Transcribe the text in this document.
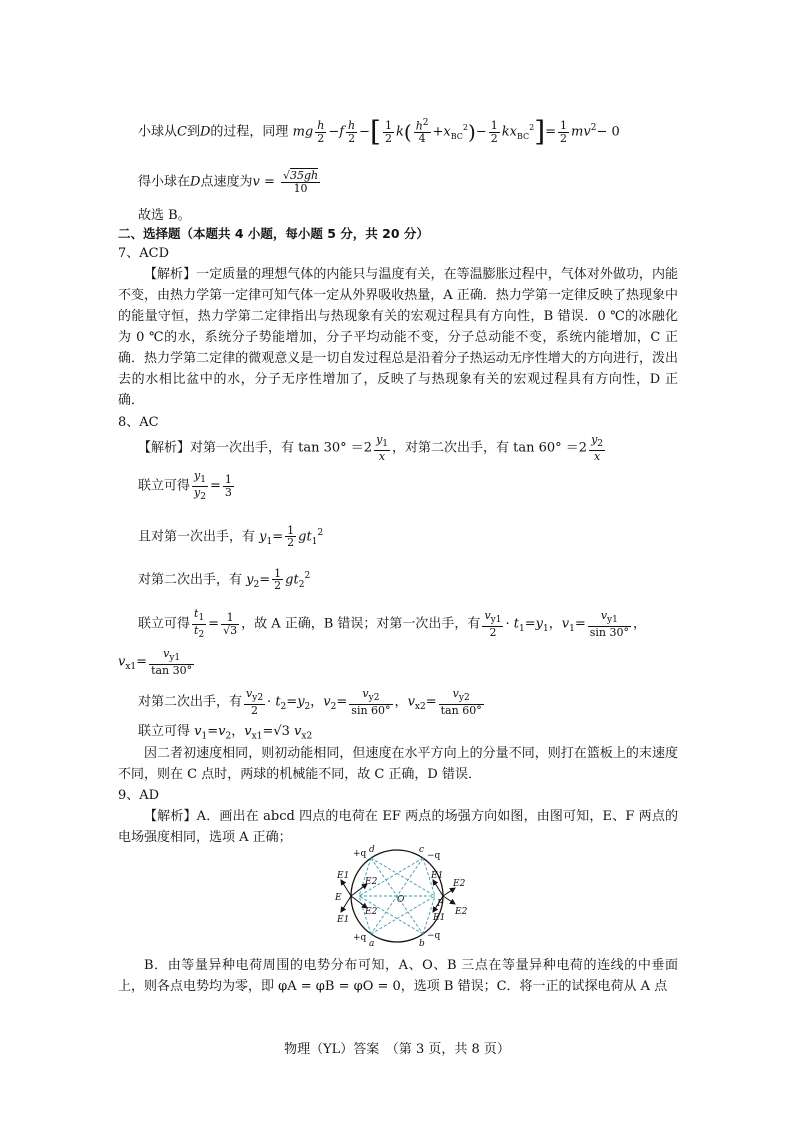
小球从C到D的过程，同理 mg $\frac{h}{2} -f \frac{h}{2}$ −[ $\frac{1}{2} k( \frac{h^2}{4} +x_{BC}^2)- \frac{1}{2} kx_{BC}^2]= \frac{1}{2} mv^2- 0$
得小球在D点速度为$v = \frac{√35gh}{10}$
故选 B。
二、选择题（本题共 4 小题，每小题 5 分，共 20 分）
7、ACD
【解析】一定质量的理想气体的内能只与温度有关，在等温膨胀过程中，气体对外做功，内能不变，由热力学第一定律可知气体一定从外界吸收热量，A 正确．热力学第一定律反映了热现象中的能量守恒，热力学第二定律指出与热现象有关的宏观过程具有方向性，B 错误．0 ℃的冰融化为 0 ℃的水，系统分子势能增加，分子平均动能不变，分子总动能不变，系统内能增加，C 正确．热力学第二定律的微观意义是一切自发过程总是沿着分子热运动无序性增大的方向进行，泼出去的水相比盆中的水，分子无序性增加了，反映了与热现象有关的宏观过程具有方向性，D 正确．
8、AC
【解析】对第一次出手，有 $\tan 30^\circ =2 \frac{y_1}{x}$ ，对第二次出手，有 $\tan 60^\circ =2 \frac{y_2}{x}$
联立可得 $\frac{y_1}{y_2} = \frac{1}{3}$
且对第一次出手，有 $y_1= \frac{1}{2} gt_1^2$
对第二次出手，有 $y_2= \frac{1}{2} gt_2^2$
联立可得 $\frac{t_1}{t_2} = \frac{1}{√3}$ ，故 A 正确，B 错误；对第一次出手，有 $\frac{v_{y1}}{2} \cdot t_1=y_1$，$v_1= \frac{v_{y1}}{\sin 30^\circ}$ ，
$v_{x1}= \frac{v_{y1}}{\tan 30^\circ}$
对第二次出手，有 $\frac{v_{y2}}{2} \cdot t_2=y_2$，$v_2= \frac{v_{y2}}{\sin 60^\circ}$ ，$v_{x2}= \frac{v_{y2}}{\tan 60^\circ}$
联立可得 $v_1=v_2$，$v_{x1}=√3$ $v_{x2}$
因二者初速度相同，则初动能相同，但速度在水平方向上的分量不同，则打在篮板上的末速度不同，则在 C 点时，两球的机械能不同，故 C 正确，D 错误．
9、AD
【解析】A．画出在 abcd 四点的电荷在 EF 两点的场强方向如图，由图可知，E、F 两点的电场强度相同，选项 A 正确；
+q d	c
−q
E1
E2
E1
E2
E	O	F
E2	E2
E1
E1
+q
a	b
−q
B．由等量异种电荷周围的电势分布可知，A、O、B 三点在等量异种电荷的连线的中垂面上，则各点电势均为零，即 φA = φB = φO = 0，选项 B 错误；C．将一正的试探电荷从 A 点
物理（YL）答案　（第 3 页，共 8 页）
